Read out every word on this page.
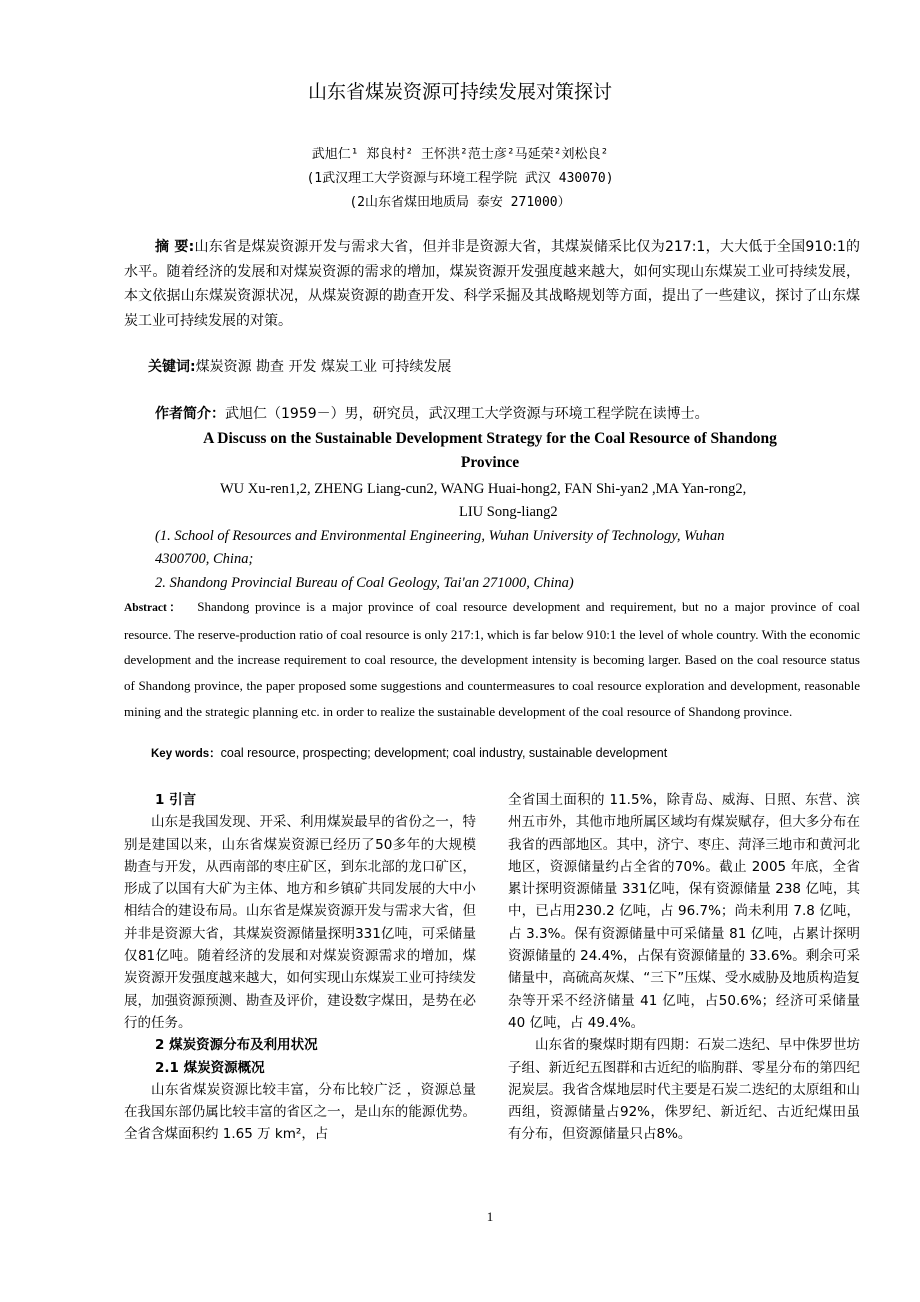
山东省煤炭资源可持续发展对策探讨
武旭仁¹ 郑良村² 王怀洪²范士彦²马延荣²刘松良²
(1武汉理工大学资源与环境工程学院 武汉 430070)
(2山东省煤田地质局 泰安 271000）
摘 要:山东省是煤炭资源开发与需求大省，但并非是资源大省，其煤炭储采比仅为217:1，大大低于全国910:1的水平。随着经济的发展和对煤炭资源的需求的增加，煤炭资源开发强度越来越大，如何实现山东煤炭工业可持续发展，本文依据山东煤炭资源状况，从煤炭资源的勘查开发、科学采掘及其战略规划等方面，提出了一些建议，探讨了山东煤炭工业可持续发展的对策。
关键词:煤炭资源 勘查 开发 煤炭工业 可持续发展
作者简介：武旭仁（1959－）男，研究员，武汉理工大学资源与环境工程学院在读博士。
A Discuss on the Sustainable Development Strategy for the Coal Resource of Shandong
Province
WU Xu-ren1,2, ZHENG Liang-cun2, WANG Huai-hong2, FAN Shi-yan2 ,MA Yan-rong2,
LIU Song-liang2
(1. School of Resources and Environmental Engineering, Wuhan University of Technology, Wuhan
4300700, China;
2. Shandong Provincial Bureau of Coal Geology, Tai'an 271000, China)
Abstract： Shandong province is a major province of coal resource development and requirement, but no a major province of coal resource. The reserve-production ratio of coal resource is only 217:1, which is far below 910:1 the level of whole country. With the economic development and the increase requirement to coal resource, the development intensity is becoming larger. Based on the coal resource status of Shandong province, the paper proposed some suggestions and countermeasures to coal resource exploration and development, reasonable mining and the strategic planning etc. in order to realize the sustainable development of the coal resource of Shandong province.
Key words：coal resource, prospecting; development; coal industry, sustainable development

1 引言

山东是我国发现、开采、利用煤炭最早的省份之一，特别是建国以来，山东省煤炭资源已经历了50多年的大规模勘查与开发，从西南部的枣庄矿区，到东北部的龙口矿区，形成了以国有大矿为主体、地方和乡镇矿共同发展的大中小相结合的建设布局。山东省是煤炭资源开发与需求大省，但并非是资源大省，其煤炭资源储量探明331亿吨，可采储量仅81亿吨。随着经济的发展和对煤炭资源需求的增加，煤炭资源开发强度越来越大，如何实现山东煤炭工业可持续发展，加强资源预测、勘查及评价，建设数字煤田，是势在必行的任务。

2 煤炭资源分布及利用状况

2.1 煤炭资源概况

山东省煤炭资源比较丰富，分布比较广泛 ，资源总量在我国东部仍属比较丰富的省区之一，是山东的能源优势。全省含煤面积约 1.65 万 km²，占

全省国土面积的 11.5%，除青岛、威海、日照、东营、滨州五市外，其他市地所属区域均有煤炭赋存，但大多分布在我省的西部地区。其中，济宁、枣庄、菏泽三地市和黄河北地区，资源储量约占全省的70%。截止 2005 年底，全省累计探明资源储量 331亿吨，保有资源储量 238 亿吨，其中，已占用230.2 亿吨，占 96.7%；尚未利用 7.8 亿吨，占 3.3%。保有资源储量中可采储量 81 亿吨，占累计探明资源储量的 24.4%，占保有资源储量的 33.6%。剩余可采储量中，高硫高灰煤、“三下”压煤、受水威胁及地质构造复杂等开采不经济储量 41 亿吨，占50.6%；经济可采储量 40 亿吨，占 49.4%。

山东省的聚煤时期有四期：石炭二迭纪、早中侏罗世坊子组、新近纪五图群和古近纪的临朐群、零星分布的第四纪泥炭层。我省含煤地层时代主要是石炭二迭纪的太原组和山西组，资源储量占92%，侏罗纪、新近纪、古近纪煤田虽有分布，但资源储量只占8%。

1
